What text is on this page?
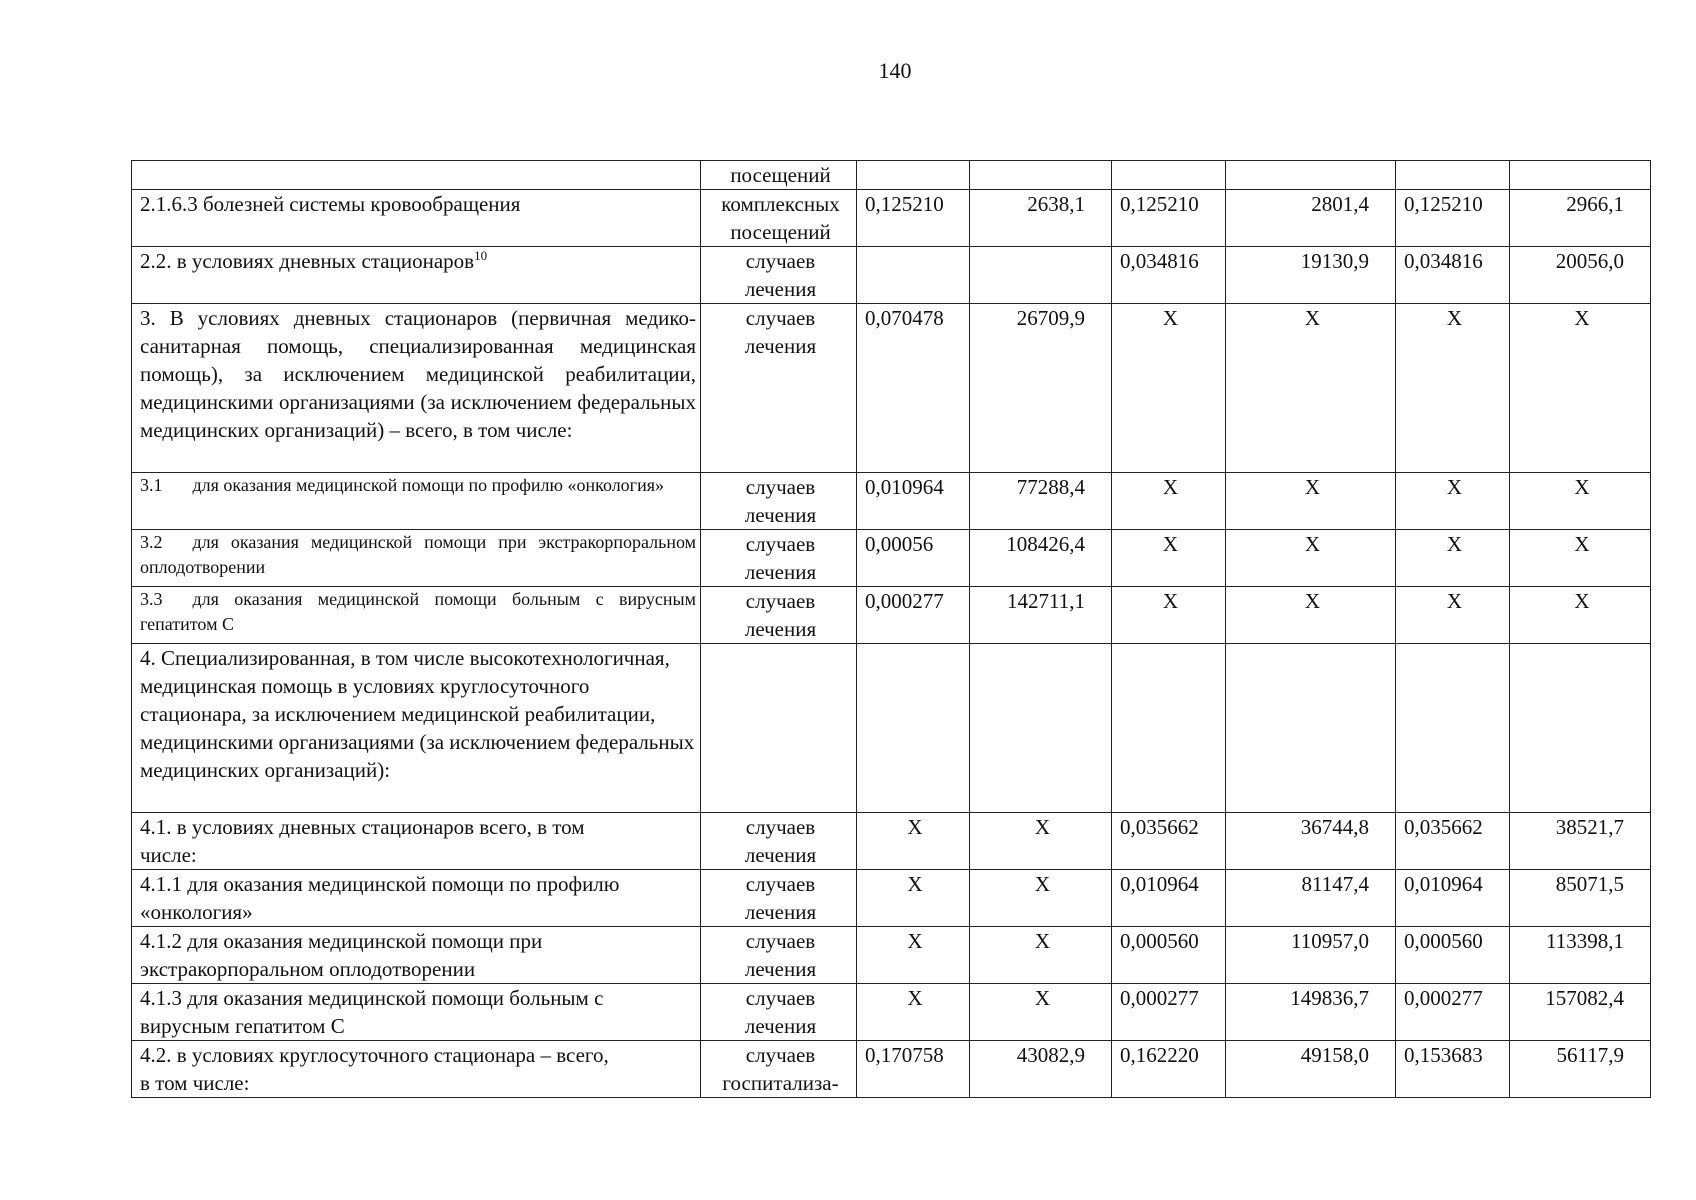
140
	посещений						
2.1.6.3 болезней системы кровообращения	комплексных посещений	0,125210	2638,1	0,125210	2801,4	0,125210	2966,1
2.2. в условиях дневных стационаров$^{10}$	случаев лечения			0,034816	19130,9	0,034816	20056,0
3. В условиях дневных стационаров (первичная медико-санитарная помощь, специализированная медицинская помощь), за исключением медицинской реабилитации, медицинскими организациями (за исключением федеральных медицинских организаций) – всего, в том числе:	случаев лечения	0,070478	26709,9	X	X	X	X
3.1 для оказания медицинской помощи по профилю «онкология»	случаев лечения	0,010964	77288,4	X	X	X	X
3.2 для оказания медицинской помощи при экстракорпоральном оплодотворении	случаев лечения	0,00056	108426,4	X	X	X	X
3.3 для оказания медицинской помощи больным с вирусным гепатитом С	случаев лечения	0,000277	142711,1	X	X	X	X
4. Специализированная, в том числе высокотехнологичная, медицинская помощь в условиях круглосуточного стационара, за исключением медицинской реабилитации, медицинскими организациями (за исключением федеральных медицинских организаций):							
4.1. в условиях дневных стационаров всего, в том числе:	случаев лечения	X	X	0,035662	36744,8	0,035662	38521,7
4.1.1 для оказания медицинской помощи по профилю «онкология»	случаев лечения	X	X	0,010964	81147,4	0,010964	85071,5
4.1.2 для оказания медицинской помощи при экстракорпоральном оплодотворении	случаев лечения	X	X	0,000560	110957,0	0,000560	113398,1
4.1.3 для оказания медицинской помощи больным с вирусным гепатитом С	случаев лечения	X	X	0,000277	149836,7	0,000277	157082,4
4.2. в условиях круглосуточного стационара – всего, в том числе:	случаев госпитализа-	0,170758	43082,9	0,162220	49158,0	0,153683	56117,9
